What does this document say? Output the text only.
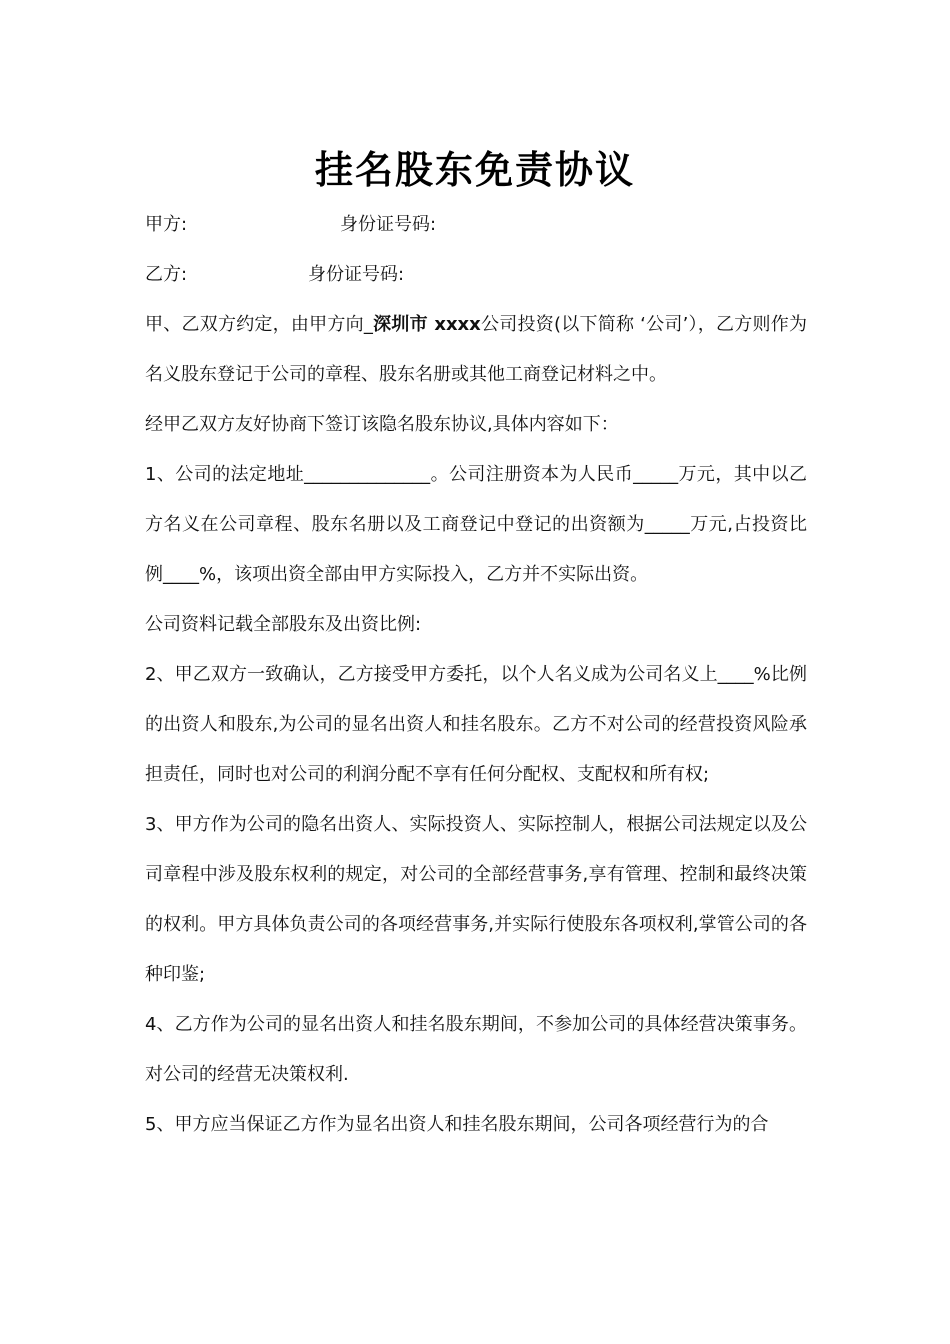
挂名股东免责协议
甲方:	身份证号码:
乙方:	身份证号码:
甲、乙双方约定，由甲方向_深圳市 xxxx公司投资(以下简称 ‘公司’），乙方则作为名义股东登记于公司的章程、股东名册或其他工商登记材料之中。
经甲乙双方友好协商下签订该隐名股东协议,具体内容如下：
1、公司的法定地址______________。公司注册资本为人民币_____万元，其中以乙方名义在公司章程、股东名册以及工商登记中登记的出资额为_____万元,占投资比例____%，该项出资全部由甲方实际投入，乙方并不实际出资。
公司资料记载全部股东及出资比例:
2、甲乙双方一致确认，乙方接受甲方委托，以个人名义成为公司名义上____%比例的出资人和股东,为公司的显名出资人和挂名股东。乙方不对公司的经营投资风险承担责任，同时也对公司的利润分配不享有任何分配权、支配权和所有权;
3、甲方作为公司的隐名出资人、实际投资人、实际控制人，根据公司法规定以及公司章程中涉及股东权利的规定，对公司的全部经营事务,享有管理、控制和最终决策的权利。甲方具体负责公司的各项经营事务,并实际行使股东各项权利,掌管公司的各种印鉴;
4、乙方作为公司的显名出资人和挂名股东期间，不参加公司的具体经营决策事务。对公司的经营无决策权利.
5、甲方应当保证乙方作为显名出资人和挂名股东期间，公司各项经营行为的合
